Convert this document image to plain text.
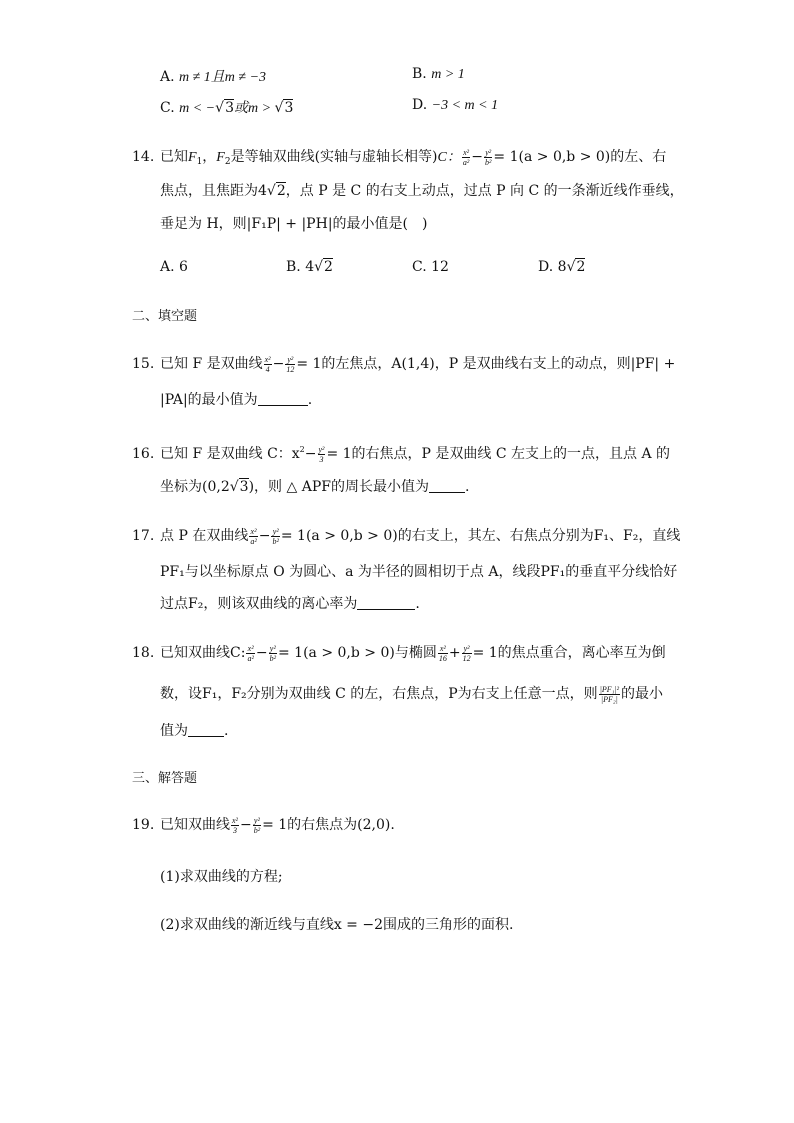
A. m ≠ 1且m ≠ −3	B. m > 1
C. m < −√3或m > √3	D. −3 < m < 1
14. 已知$F_1$，$F_2$是等轴双曲线(实轴与虚轴长相等)C： $\frac{\text{x²}}{\text{a²}} - \frac{\text{y²}}{\text{b²}} = 1(a > 0,b > 0)$的左、右
焦点，且焦距为4√2，点 P 是 C 的右支上动点，过点 P 向 C 的一条渐近线作垂线，
垂足为 H，则|F₁P| + |PH|的最小值是(　)
A. 6	B. 4√2	C. 12	D. 8√2
二、填空题
15. 已知 F 是双曲线 $\frac{\text{x²}}{4} - \frac{\text{y²}}{12} = 1$的左焦点，A(1,4)，P 是双曲线右支上的动点，则|PF| +
|PA|的最小值为	.
16. 已知 F 是双曲线 C：$x^2- \frac{\text{y²}}{3} = 1$的右焦点，P 是双曲线 C 左支上的一点，且点 A 的
坐标为(0,2√3)，则 △ APF的周长最小值为	.
17. 点 P 在双曲线 $\frac{\text{x²}}{\text{a²}} - \frac{\text{y²}}{\text{b²}} = 1(a > 0,b > 0)$的右支上，其左、右焦点分别为F₁、F₂，直线
PF₁与以坐标原点 O 为圆心、a 为半径的圆相切于点 A，线段PF₁的垂直平分线恰好
过点F₂，则该双曲线的离心率为	.
18. 已知双曲线C: $\frac{\text{x²}}{\text{a²}} - \frac{\text{y²}}{\text{b²}} = 1(a > 0,b > 0)$与椭圆 $\frac{\text{x²}}{16} + \frac{\text{y²}}{12} = 1$的焦点重合，离心率互为倒
数，设F₁，F₂分别为双曲线 C 的左，右焦点，P为右支上任意一点，则 $\frac{\text{|PF₁|²}}{\text{|PF₂|}}$ 的最小
值为	.
三、解答题
19. 已知双曲线 $\frac{\text{x²}}{3} - \frac{\text{y²}}{\text{b²}} = 1$的右焦点为(2,0).
(1)求双曲线的方程;
(2)求双曲线的渐近线与直线x = −2围成的三角形的面积.
